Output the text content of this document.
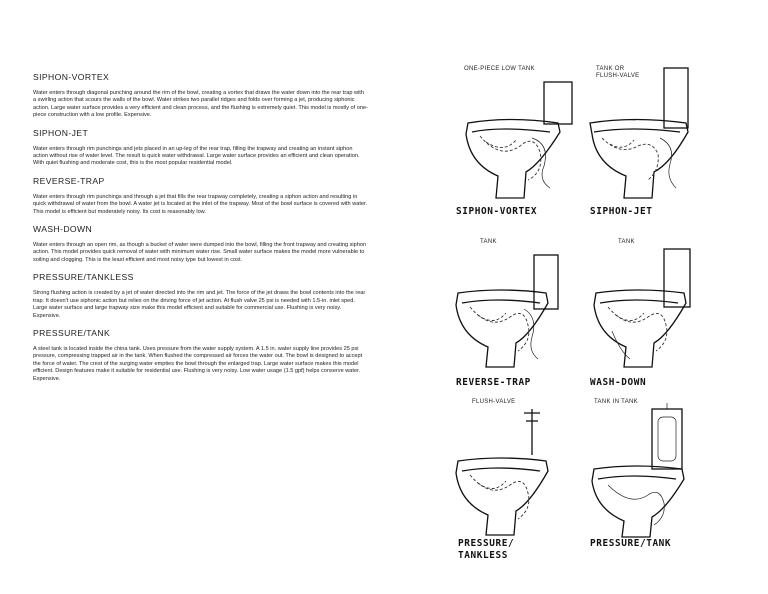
SIPHON-VORTEX
Water enters through diagonal punching around the rim of the bowl, creating a vortex that draws the water down into the rear trap with a swirling action that scours the walls of the bowl. Water strikes two parallel ridges and folds over forming a jet, producing siphonic action. Large water surface provides a very efficient and clean process, and the flushing is extremely quiet. This model is mostly of one-piece construction with a low profile. Expensive.
SIPHON-JET
Water enters through rim punchings and jets placed in an up-leg of the rear trap, filling the trapway and creating an instant siphon action without rise of water level. The result is quick water withdrawal. Large water surface provides an efficient and clean operation. With quiet flushing and moderate cost, this is the most popular residential model.
REVERSE-TRAP
Water enters through rim punchings and through a jet that fills the rear trapway completely, creating a siphon action and resulting in quick withdrawal of water from the bowl. A water jet is located at the inlet of the trapway. Most of the bowl surface is covered with water. This model is efficient but moderately noisy. Its cost is reasonably low.
WASH-DOWN
Water enters through an open rim, as though a bucket of water were dumped into the bowl, filling the front trapway and creating siphon action. This model provides quick removal of water with minimum water rise. Small water surface makes the model more vulnerable to soiling and clogging. This is the least efficient and most noisy type but lowest in cost.
PRESSURE/TANKLESS
Strong flushing action is created by a jet of water directed into the rim and jet. The force of the jet draws the bowl contents into the rear trap. It doesn't use siphonic action but relies on the driving force of jet action. At flush valve 25 psi is needed with 1.5-in. inlet sped. Large water surface and large trapway size make this model efficient and suitable for commercial use. Flushing is very noisy. Expensive.
PRESSURE/TANK
A steel tank is located inside the china tank. Uses pressure from the water supply system. A 1.5 in. water supply line provides 25 psi pressure, compressing trapped air in the tank. When flushed the compressed air forces the water out. The bowl is designed to accept the force of water. The crest of the surging water empties the bowl through the enlarged trap. Large water surface makes this model efficient. Design features make it suitable for residential use. Flushing is very noisy. Low water usage (1.5 gpf) helps conserve water. Expensive.
ONE-PIECE LOW TANK
SIPHON-VORTEX
TANK OR
FLUSH-VALVE
SIPHON-JET
TANK
REVERSE-TRAP
TANK
WASH-DOWN
FLUSH-VALVE
PRESSURE/
TANKLESS
TANK IN TANK
PRESSURE/TANK
